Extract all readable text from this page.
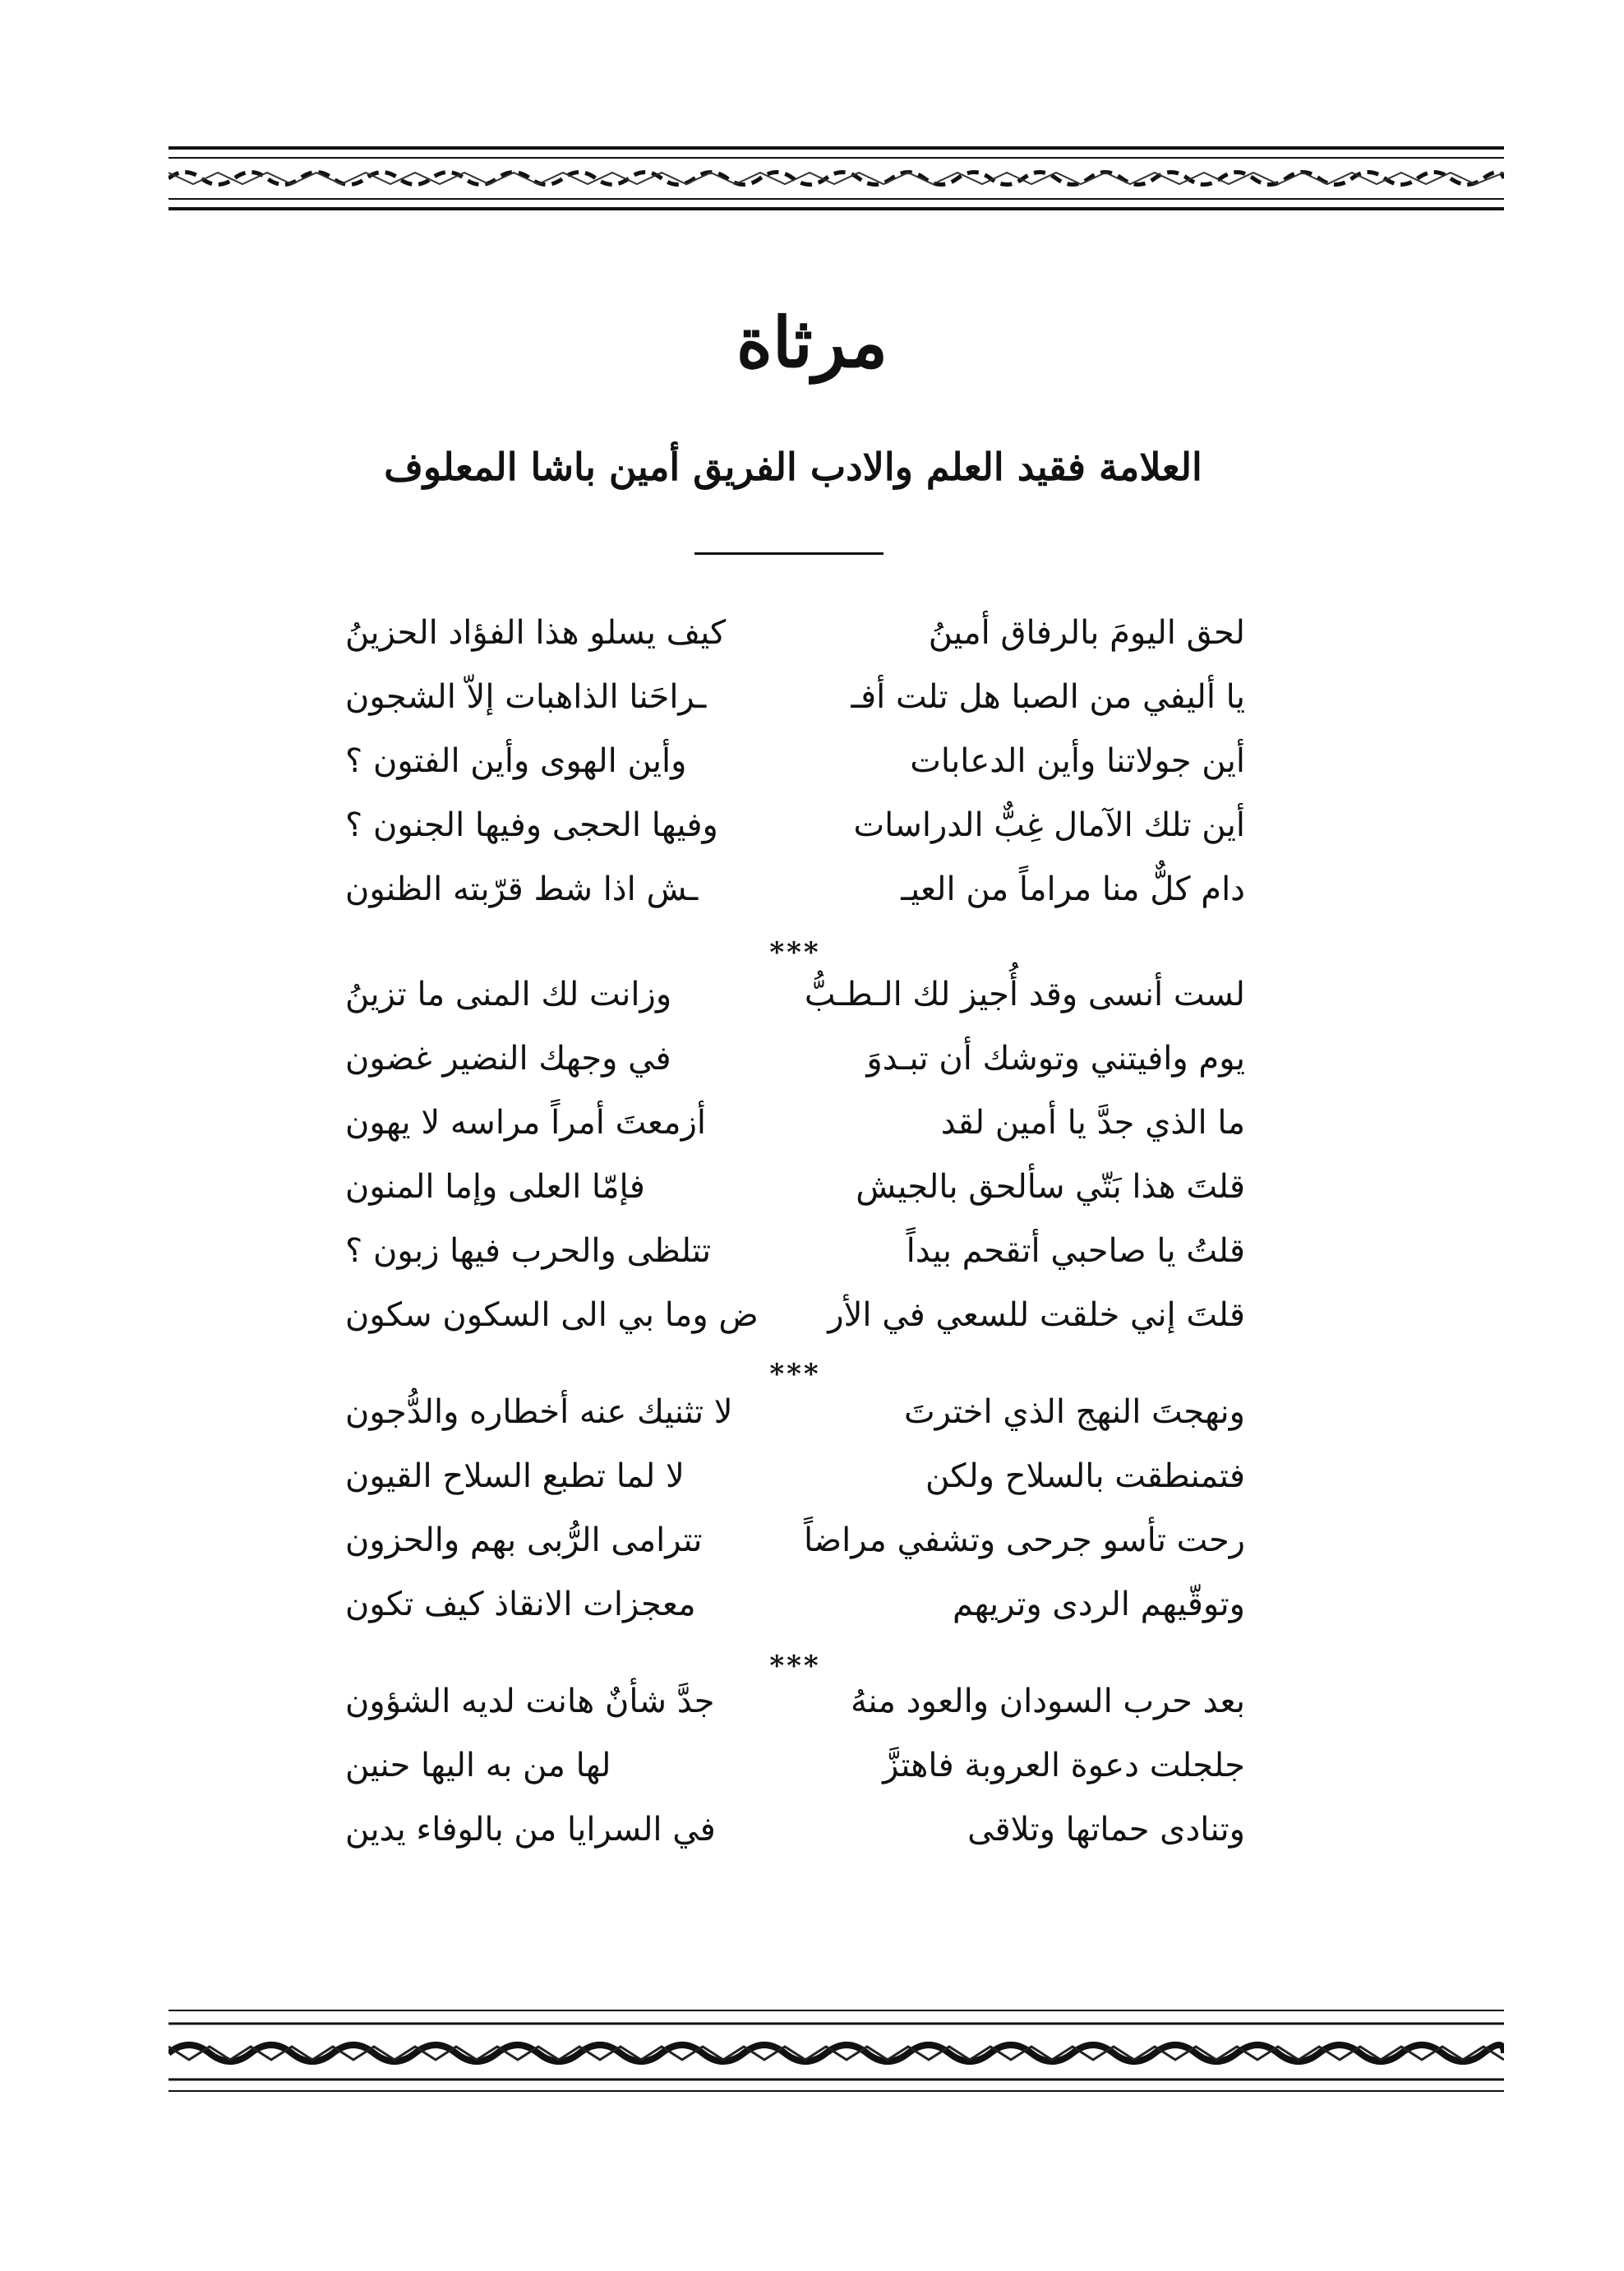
مرثاة
العلامة فقيد العلم والادب الفريق أمين باشا المعلوف
لحق اليومَ بالرفاق أمينُ
كيف يسلو هذا الفؤاد الحزينُ
يا أليفي من الصبا هل تلت أفـ
ـراحَنا الذاهبات إلاّ الشجون
أين جولاتنا وأين الدعابات
وأين الهوى وأين الفتون ؟
أين تلك الآمال غِبٌّ الدراسات
وفيها الحجى وفيها الجنون ؟
دام كلٌّ منا مراماً من العيـ
ـش اذا شط قرّبته الظنون
***
لست أنسى وقد أُجيز لك الـطـبُّ
وزانت لك المنى ما تزينُ
يوم وافيتني وتوشك أن تبـدوَ
في وجهك النضير غضون
ما الذي جدَّ يا أمين لقد
أزمعتَ أمراً مراسه لا يهون
قلتَ هذا بَتّي سألحق بالجيش
فإمّا العلى وإما المنون
قلتُ يا صاحبي أتقحم بيداً
تتلظى والحرب فيها زبون ؟
قلتَ إني خلقت للسعي في الأر
ض وما بي الى السكون سكون
***
ونهجتَ النهج الذي اخترتَ
لا تثنيك عنه أخطاره والدُّجون
فتمنطقت بالسلاح ولكن
لا لما تطبع السلاح القيون
رحت تأسو جرحى وتشفي مراضاً
تترامى الرُّبى بهم والحزون
وتوقّيهم الردى وتريهم
معجزات الانقاذ كيف تكون
***
بعد حرب السودان والعود منهُ
جدَّ شأنٌ هانت لديه الشؤون
جلجلت دعوة العروبة فاهتزَّ
لها من به اليها حنين
وتنادى حماتها وتلاقى
في السرايا من بالوفاء يدين
